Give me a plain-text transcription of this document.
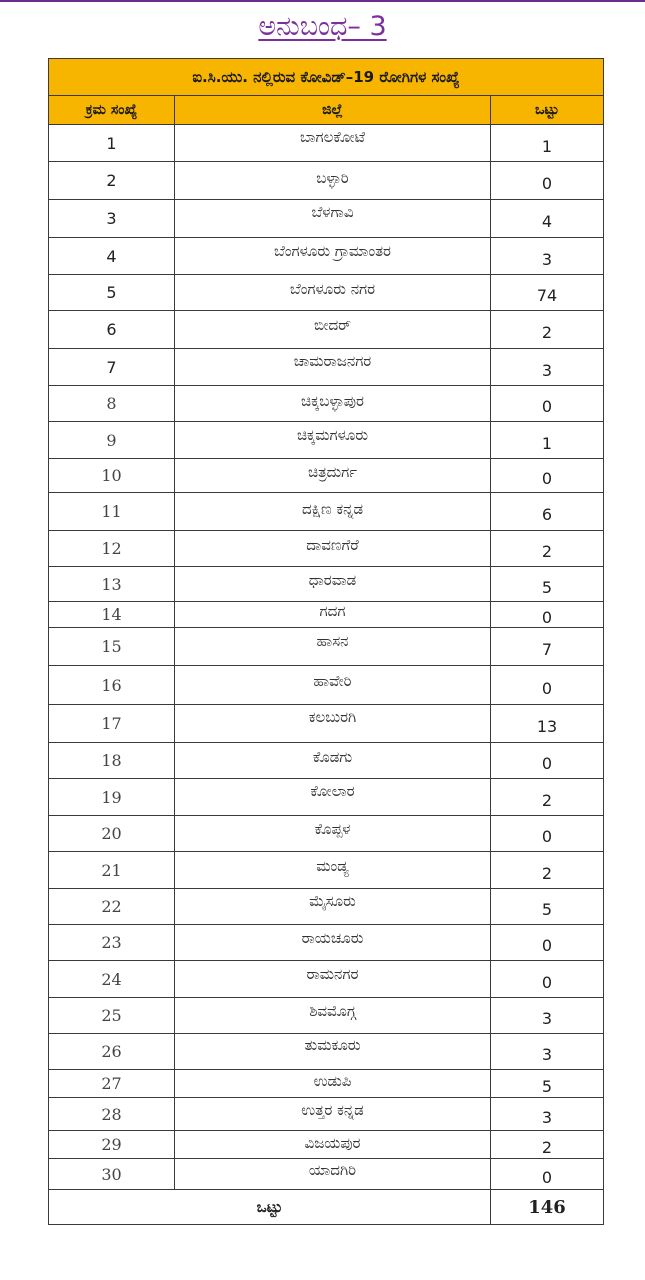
ಅನುಬಂಧ– 3
ಐ.ಸಿ.ಯು. ನಲ್ಲಿರುವ ಕೋವಿಡ್‌–19 ರೋಗಿಗಳ ಸಂಖ್ಯೆ		
ಕ್ರಮ ಸಂಖ್ಯೆ	ಜಿಲ್ಲೆ	ಒಟ್ಟು
1	ಬಾಗಲಕೋಟೆ	1
2	ಬಳ್ಳಾರಿ	0
3	ಬೆಳಗಾವಿ	4
4	ಬೆಂಗಳೂರು ಗ್ರಾಮಾಂತರ	3
5	ಬೆಂಗಳೂರು ನಗರ	74
6	ಬೀದರ್‌	2
7	ಚಾಮರಾಜನಗರ	3
8	ಚಿಕ್ಕಬಳ್ಳಾಪುರ	0
9	ಚಿಕ್ಕಮಗಳೂರು	1
10	ಚಿತ್ರದುರ್ಗ	0
11	ದಕ್ಷಿಣ ಕನ್ನಡ	6
12	ದಾವಣಗೆರೆ	2
13	ಧಾರವಾಡ	5
14	ಗದಗ	0
15	ಹಾಸನ	7
16	ಹಾವೇರಿ	0
17	ಕಲಬುರಗಿ	13
18	ಕೊಡಗು	0
19	ಕೋಲಾರ	2
20	ಕೊಪ್ಪಳ	0
21	ಮಂಡ್ಯ	2
22	ಮೈಸೂರು	5
23	ರಾಯಚೂರು	0
24	ರಾಮನಗರ	0
25	ಶಿವಮೊಗ್ಗ	3
26	ತುಮಕೂರು	3
27	ಉಡುಪಿ	5
28	ಉತ್ತರ ಕನ್ನಡ	3
29	ವಿಜಯಪುರ	2
30	ಯಾದಗಿರಿ	0
ಒಟ್ಟು		146
